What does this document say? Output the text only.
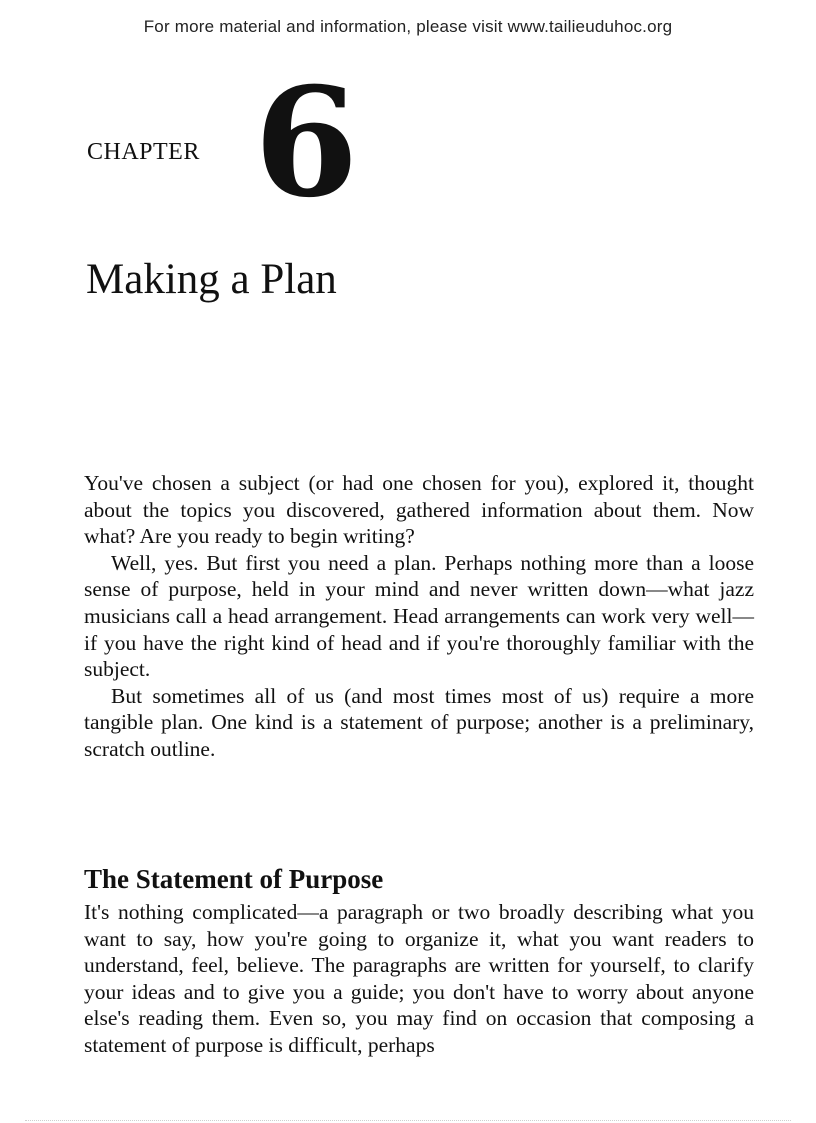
For more material and information, please visit www.tailieuduhoc.org
CHAPTER 6
Making a Plan

You've chosen a subject (or had one chosen for you), explored it, thought about the topics you discovered, gathered information about them. Now what? Are you ready to begin writing?

Well, yes. But first you need a plan. Perhaps nothing more than a loose sense of purpose, held in your mind and never written down—what jazz musicians call a head arrangement. Head arrangements can work very well—if you have the right kind of head and if you're thoroughly familiar with the subject.

But sometimes all of us (and most times most of us) require a more tangible plan. One kind is a statement of purpose; another is a preliminary, scratch outline.

The Statement of Purpose

It's nothing complicated—a paragraph or two broadly describing what you want to say, how you're going to organize it, what you want readers to understand, feel, believe. The paragraphs are written for yourself, to clarify your ideas and to give you a guide; you don't have to worry about anyone else's reading them. Even so, you may find on occasion that composing a statement of purpose is difficult, perhaps
